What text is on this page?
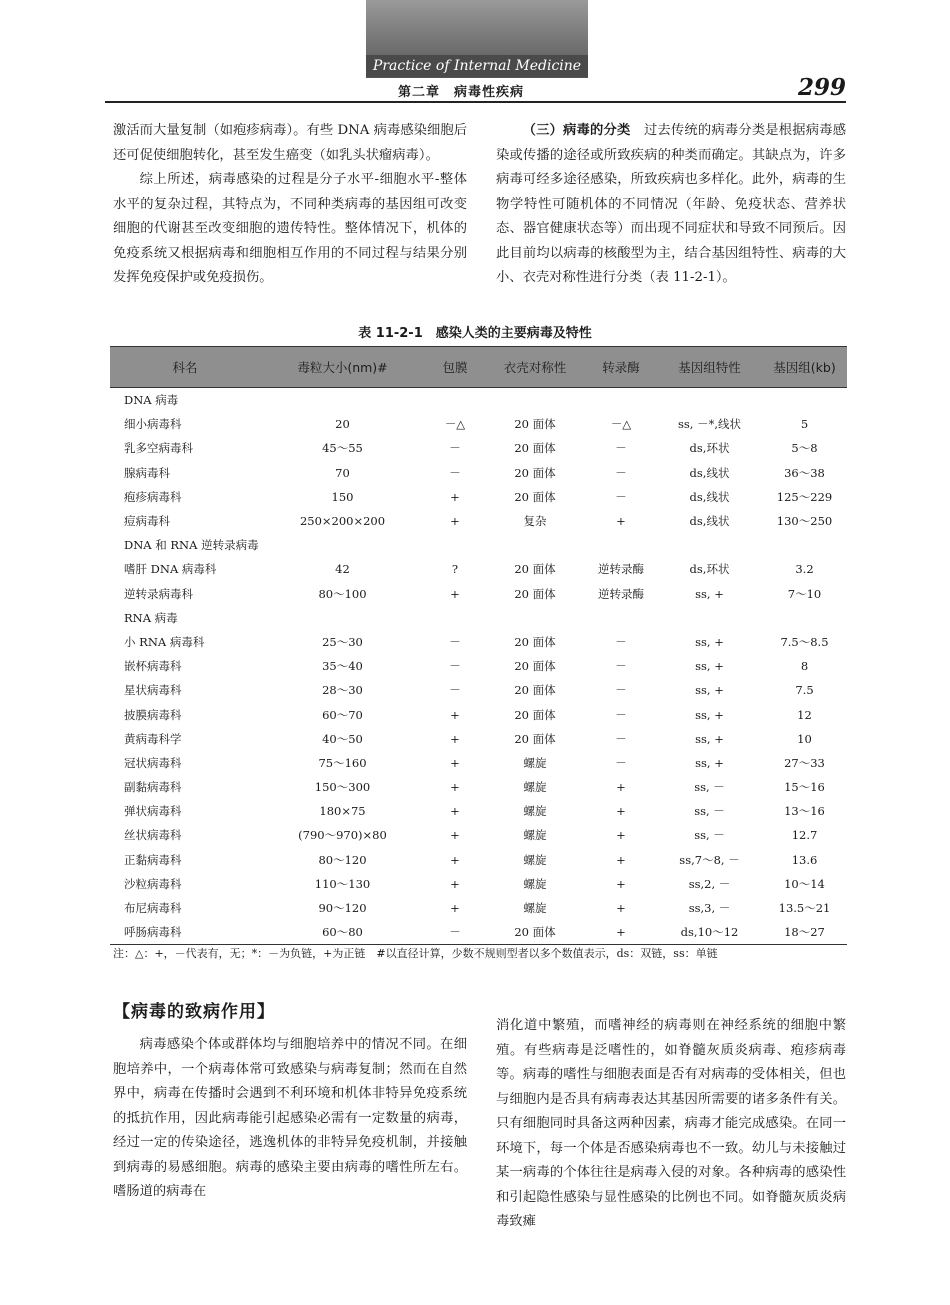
Practice of Internal Medicine
第二章　病毒性疾病	299

激活而大量复制（如疱疹病毒）。有些 DNA 病毒感染细胞后还可促使细胞转化，甚至发生癌变（如乳头状瘤病毒）。

综上所述，病毒感染的过程是分子水平-细胞水平-整体水平的复杂过程，其特点为，不同种类病毒的基因组可改变细胞的代谢甚至改变细胞的遗传特性。整体情况下，机体的免疫系统又根据病毒和细胞相互作用的不同过程与结果分别发挥免疫保护或免疫损伤。

（三）病毒的分类　 过去传统的病毒分类是根据病毒感染或传播的途径或所致疾病的种类而确定。其缺点为，许多病毒可经多途径感染，所致疾病也多样化。此外，病毒的生物学特性可随机体的不同情况（年龄、免疫状态、营养状态、器官健康状态等）而出现不同症状和导致不同预后。因此目前均以病毒的核酸型为主，结合基因组特性、病毒的大小、衣壳对称性进行分类（表 11-2-1）。

表 11-2-1　感染人类的主要病毒及特性
科名	毒粒大小(nm)#	包膜	衣壳对称性	转录酶	基因组特性	基因组(kb)
DNA 病毒						
细小病毒科	20	－△	20 面体	－△	ss, －*,线状	5
乳多空病毒科	45～55	－	20 面体	－	ds,环状	5～8
腺病毒科	70	－	20 面体	－	ds,线状	36～38
疱疹病毒科	150	+	20 面体	－	ds,线状	125～229
痘病毒科	250×200×200	+	复杂	+	ds,线状	130～250
DNA 和 RNA 逆转录病毒						
嗜肝 DNA 病毒科	42	?	20 面体	逆转录酶	ds,环状	3.2
逆转录病毒科	80～100	+	20 面体	逆转录酶	ss, +	7～10
RNA 病毒						
小 RNA 病毒科	25～30	－	20 面体	－	ss, +	7.5～8.5
嵌杯病毒科	35～40	－	20 面体	－	ss, +	8
星状病毒科	28～30	－	20 面体	－	ss, +	7.5
披膜病毒科	60～70	+	20 面体	－	ss, +	12
黄病毒科学	40～50	+	20 面体	－	ss, +	10
冠状病毒科	75～160	+	螺旋	－	ss, +	27～33
副黏病毒科	150～300	+	螺旋	+	ss, －	15～16
弹状病毒科	180×75	+	螺旋	+	ss, －	13～16
丝状病毒科	(790～970)×80	+	螺旋	+	ss, －	12.7
正黏病毒科	80～120	+	螺旋	+	ss,7～8, －	13.6
沙粒病毒科	110～130	+	螺旋	+	ss,2, －	10～14
布尼病毒科	90～120	+	螺旋	+	ss,3, －	13.5～21
呼肠病毒科	60～80	－	20 面体	+	ds,10～12	18～27
注：△：+，－代表有，无；*：－为负链，+为正链　#以直径计算，少数不规则型者以多个数值表示，ds：双链，ss：单链
【病毒的致病作用】

病毒感染个体或群体均与细胞培养中的情况不同。在细胞培养中，一个病毒体常可致感染与病毒复制；然而在自然界中，病毒在传播时会遇到不利环境和机体非特异免疫系统的抵抗作用，因此病毒能引起感染必需有一定数量的病毒，经过一定的传染途径，逃逸机体的非特异免疫机制，并接触到病毒的易感细胞。病毒的感染主要由病毒的嗜性所左右。嗜肠道的病毒在

消化道中繁殖，而嗜神经的病毒则在神经系统的细胞中繁殖。有些病毒是泛嗜性的，如脊髓灰质炎病毒、疱疹病毒等。病毒的嗜性与细胞表面是否有对病毒的受体相关，但也与细胞内是否具有病毒表达其基因所需要的诸多条件有关。只有细胞同时具备这两种因素，病毒才能完成感染。在同一环境下，每一个体是否感染病毒也不一致。幼儿与未接触过某一病毒的个体往往是病毒入侵的对象。各种病毒的感染性和引起隐性感染与显性感染的比例也不同。如脊髓灰质炎病毒致瘫
